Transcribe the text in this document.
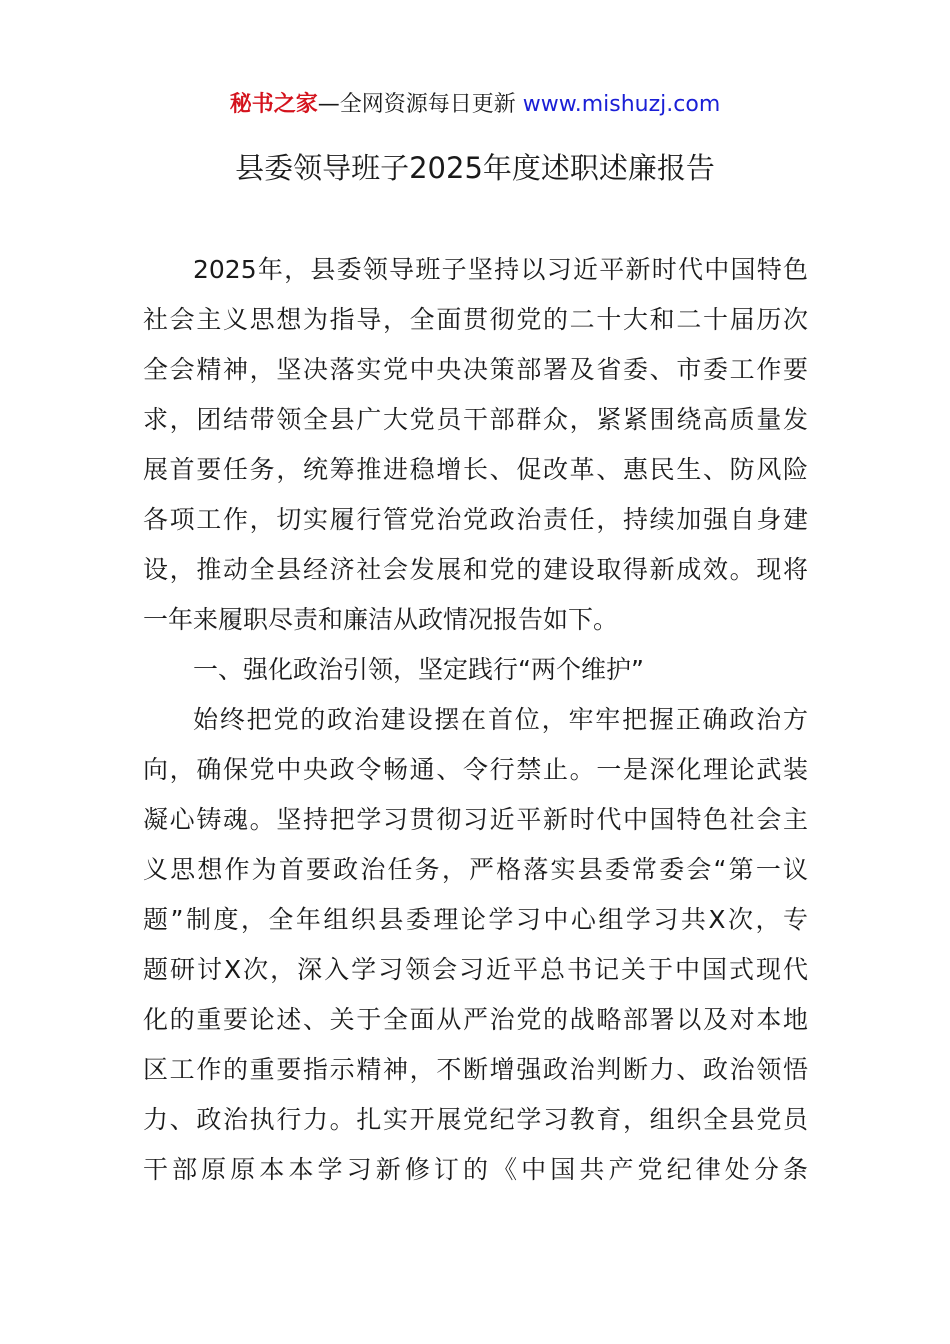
秘书之家—全网资源每日更新 www.mishuzj.com
县委领导班子2025年度述职述廉报告
2025年，县委领导班子坚持以习近平新时代中国特色
社会主义思想为指导，全面贯彻党的二十大和二十届历次
全会精神，坚决落实党中央决策部署及省委、市委工作要
求，团结带领全县广大党员干部群众，紧紧围绕高质量发
展首要任务，统筹推进稳增长、促改革、惠民生、防风险
各项工作，切实履行管党治党政治责任，持续加强自身建
设，推动全县经济社会发展和党的建设取得新成效。现将
一年来履职尽责和廉洁从政情况报告如下。
一、强化政治引领，坚定践行“两个维护”
始终把党的政治建设摆在首位，牢牢把握正确政治方
向，确保党中央政令畅通、令行禁止。一是深化理论武装
凝心铸魂。坚持把学习贯彻习近平新时代中国特色社会主
义思想作为首要政治任务，严格落实县委常委会“第一议
题”制度，全年组织县委理论学习中心组学习共X次，专
题研讨X次，深入学习领会习近平总书记关于中国式现代
化的重要论述、关于全面从严治党的战略部署以及对本地
区工作的重要指示精神，不断增强政治判断力、政治领悟
力、政治执行力。扎实开展党纪学习教育，组织全县党员
干部原原本本学习新修订的《中国共产党纪律处分条
